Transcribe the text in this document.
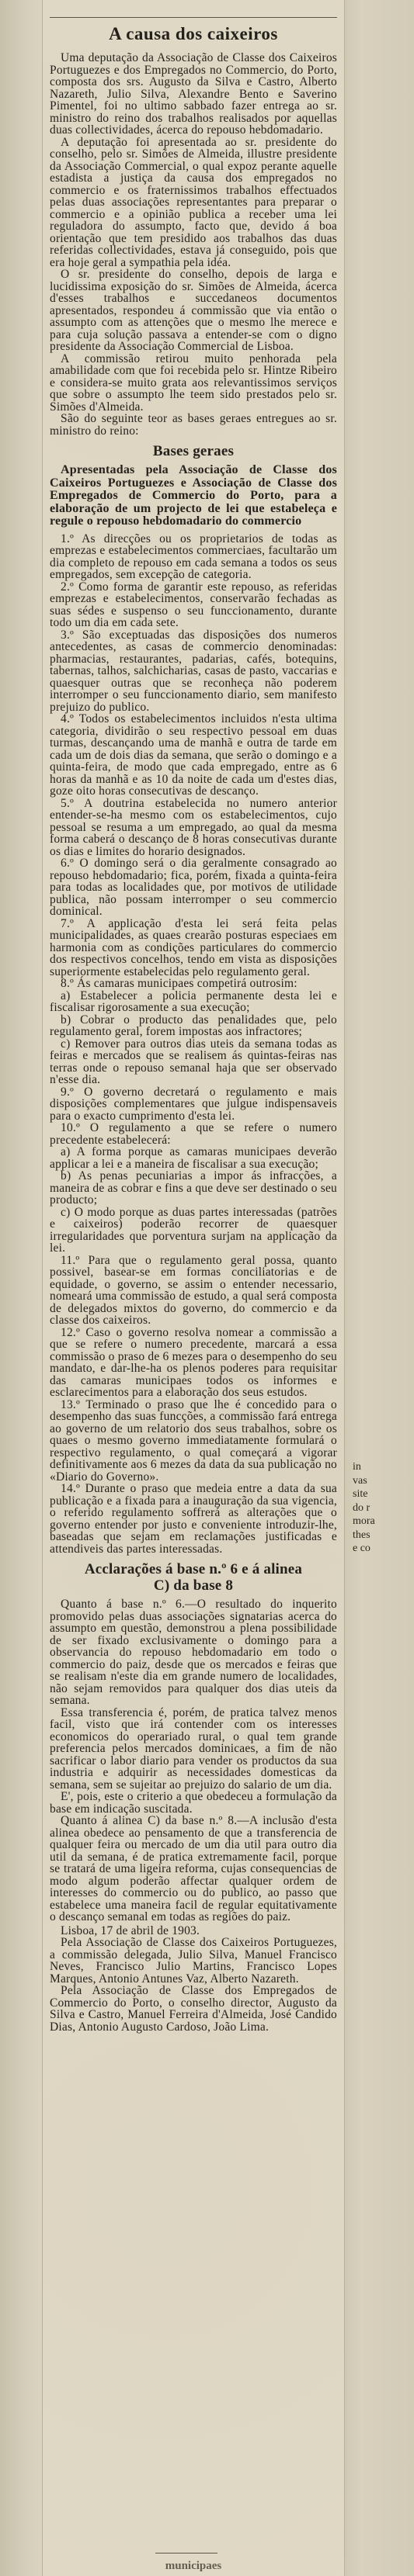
A causa dos caixeiros

Uma deputação da Associação de Classe dos Caixeiros Portuguezes e dos Empregados no Commercio, do Porto, composta dos srs. Augusto da Silva e Castro, Alberto Nazareth, Julio Silva, Alexandre Bento e Saverino Pimentel, foi no ultimo sabbado fazer entrega ao sr. ministro do reino dos trabalhos realisados por aquellas duas collectividades, ácerca do repouso hebdomadario.

A deputação foi apresentada ao sr. presidente do conselho, pelo sr. Simões de Almeida, illustre presidente da Associação Commercial, o qual expoz perante aquelle estadista a justiça da causa dos empregados no commercio e os fraternissimos trabalhos effectuados pelas duas associações representantes para preparar o commercio e a opinião publica a receber uma lei reguladora do assumpto, facto que, devido á boa orientação que tem presidido aos trabalhos das duas referidas collectividades, estava já conseguido, pois que era hoje geral a sympathia pela idéa.

O sr. presidente do conselho, depois de larga e lucidissima exposição do sr. Simões de Almeida, ácerca d'esses trabalhos e succedaneos documentos apresentados, respondeu á commissão que via então o assumpto com as attenções que o mesmo lhe merece e para cuja solução passava a entender-se com o digno presidente da Associação Commercial de Lisboa.

A commissão retirou muito penhorada pela amabilidade com que foi recebida pelo sr. Hintze Ribeiro e considera-se muito grata aos relevantissimos serviços que sobre o assumpto lhe teem sido prestados pelo sr. Simões d'Almeida.

São do seguinte teor as bases geraes entregues ao sr. ministro do reino:

Bases geraes

Apresentadas pela Associação de Classe dos Caixeiros Portuguezes e Associação de Classe dos Empregados de Commercio do Porto, para a elaboração de um projecto de lei que estabeleça e regule o repouso hebdomadario do commercio

1.º As direcções ou os proprietarios de todas as emprezas e estabelecimentos commerciaes, facultarão um dia completo de repouso em cada semana a todos os seus empregados, sem excepção de categoria.

2.º Como forma de garantir este repouso, as referidas emprezas e estabelecimentos, conservarão fechadas as suas sédes e suspenso o seu funccionamento, durante todo um dia em cada sete.

3.º São exceptuadas das disposições dos numeros antecedentes, as casas de commercio denominadas: pharmacias, restaurantes, padarias, cafés, botequins, tabernas, talhos, salchicharias, casas de pasto, vaccarias e quaesquer outras que se reconheça não poderem interromper o seu funccionamento diario, sem manifesto prejuizo do publico.

4.º Todos os estabelecimentos incluidos n'esta ultima categoria, dividirão o seu respectivo pessoal em duas turmas, descançando uma de manhã e outra de tarde em cada um de dois dias da semana, que serão o domingo e a quinta-feira, de modo que cada empregado, entre as 6 horas da manhã e as 10 da noite de cada um d'estes dias, goze oito horas consecutivas de descanço.

5.º A doutrina estabelecida no numero anterior entender-se-ha mesmo com os estabelecimentos, cujo pessoal se resuma a um empregado, ao qual da mesma forma caberá o descanço de 8 horas consecutivas durante os dias e limites do horario designados.

6.º O domingo será o dia geralmente consagrado ao repouso hebdomadario; fica, porém, fixada a quinta-feira para todas as localidades que, por motivos de utilidade publica, não possam interromper o seu commercio dominical.

7.º A applicação d'esta lei será feita pelas municipalidades, as quaes crearão posturas especiaes em harmonia com as condições particulares do commercio dos respectivos concelhos, tendo em vista as disposições superiormente estabelecidas pelo regulamento geral.

8.º Ás camaras municipaes competirá outrosim:

a) Estabelecer a policia permanente desta lei e fiscalisar rigorosamente a sua execução;

b) Cobrar o producto das penalidades que, pelo regulamento geral, forem impostas aos infractores;

c) Remover para outros dias uteis da semana todas as feiras e mercados que se realisem ás quintas-feiras nas terras onde o repouso semanal haja que ser observado n'esse dia.

9.º O governo decretará o regulamento e mais disposições complementares que julgue indispensaveis para o exacto cumprimento d'esta lei.

10.º O regulamento a que se refere o numero precedente estabelecerá:

a) A forma porque as camaras municipaes deverão applicar a lei e a maneira de fiscalisar a sua execução;

b) As penas pecuniarias a impor ás infracções, a maneira de as cobrar e fins a que deve ser destinado o seu producto;

c) O modo porque as duas partes interessadas (patrões e caixeiros) poderão recorrer de quaesquer irregularidades que porventura surjam na applicação da lei.

11.º Para que o regulamento geral possa, quanto possivel, basear-se em formas conciliatorias e de equidade, o governo, se assim o entender necessario, nomeará uma commissão de estudo, a qual será composta de delegados mixtos do governo, do commercio e da classe dos caixeiros.

12.º Caso o governo resolva nomear a commissão a que se refere o numero precedente, marcará a essa commissão o praso de 6 mezes para o desempenho do seu mandato, e dar-lhe-ha os plenos poderes para requisitar das camaras municipaes todos os informes e esclarecimentos para a elaboração dos seus estudos.

13.º Terminado o praso que lhe é concedido para o desempenho das suas funcções, a commissão fará entrega ao governo de um relatorio dos seus trabalhos, sobre os quaes o mesmo governo immediatamente formulará o respectivo regulamento, o qual começará a vigorar definitivamente aos 6 mezes da data da sua publicação no «Diario do Governo».

14.º Durante o praso que medeia entre a data da sua publicação e a fixada para a inauguração da sua vigencia, o referido regulamento soffrerá as alterações que o governo entender por justo e conveniente introduzir-lhe, baseadas que sejam em reclamações justificadas e attendiveis das partes interessadas.

Acclarações á base n.º 6 e á alinea
C) da base 8

Quanto á base n.º 6.—O resultado do inquerito promovido pelas duas associações signatarias acerca do assumpto em questão, demonstrou a plena possibilidade de ser fixado exclusivamente o domingo para a observancia do repouso hebdomadario em todo o commercio do paiz, desde que os mercados e feiras que se realisam n'este dia em grande numero de localidades, não sejam removidos para qualquer dos dias uteis da semana.

Essa transferencia é, porém, de pratica talvez menos facil, visto que irá contender com os interesses economicos do operariado rural, o qual tem grande preferencia pelos mercados dominicaes, a fim de não sacrificar o labor diario para vender os productos da sua industria e adquirir as necessidades domesticas da semana, sem se sujeitar ao prejuizo do salario de um dia.

E', pois, este o criterio a que obedeceu a formulação da base em indicação suscitada.

Quanto á alinea C) da base n.º 8.—A inclusão d'esta alinea obedece ao pensamento de que a transferencia de qualquer feira ou mercado de um dia util para outro dia util da semana, é de pratica extremamente facil, porque se tratará de uma ligeira reforma, cujas consequencias de modo algum poderão affectar qualquer ordem de interesses do commercio ou do publico, ao passo que estabelece uma maneira facil de regular equitativamente o descanço semanal em todas as regiões do paiz.

Lisboa, 17 de abril de 1903.

Pela Associação de Classe dos Caixeiros Portuguezes, a commissão delegada, Julio Silva, Manuel Francisco Neves, Francisco Julio Martins, Francisco Lopes Marques, Antonio Antunes Vaz, Alberto Nazareth.

Pela Associação de Classe dos Empregados de Commercio do Porto, o conselho director, Augusto da Silva e Castro, Manuel Ferreira d'Almeida, José Candido Dias, Antonio Augusto Cardoso, João Lima.

in
vas
site
do r
mora
thes
e co
municipaes
